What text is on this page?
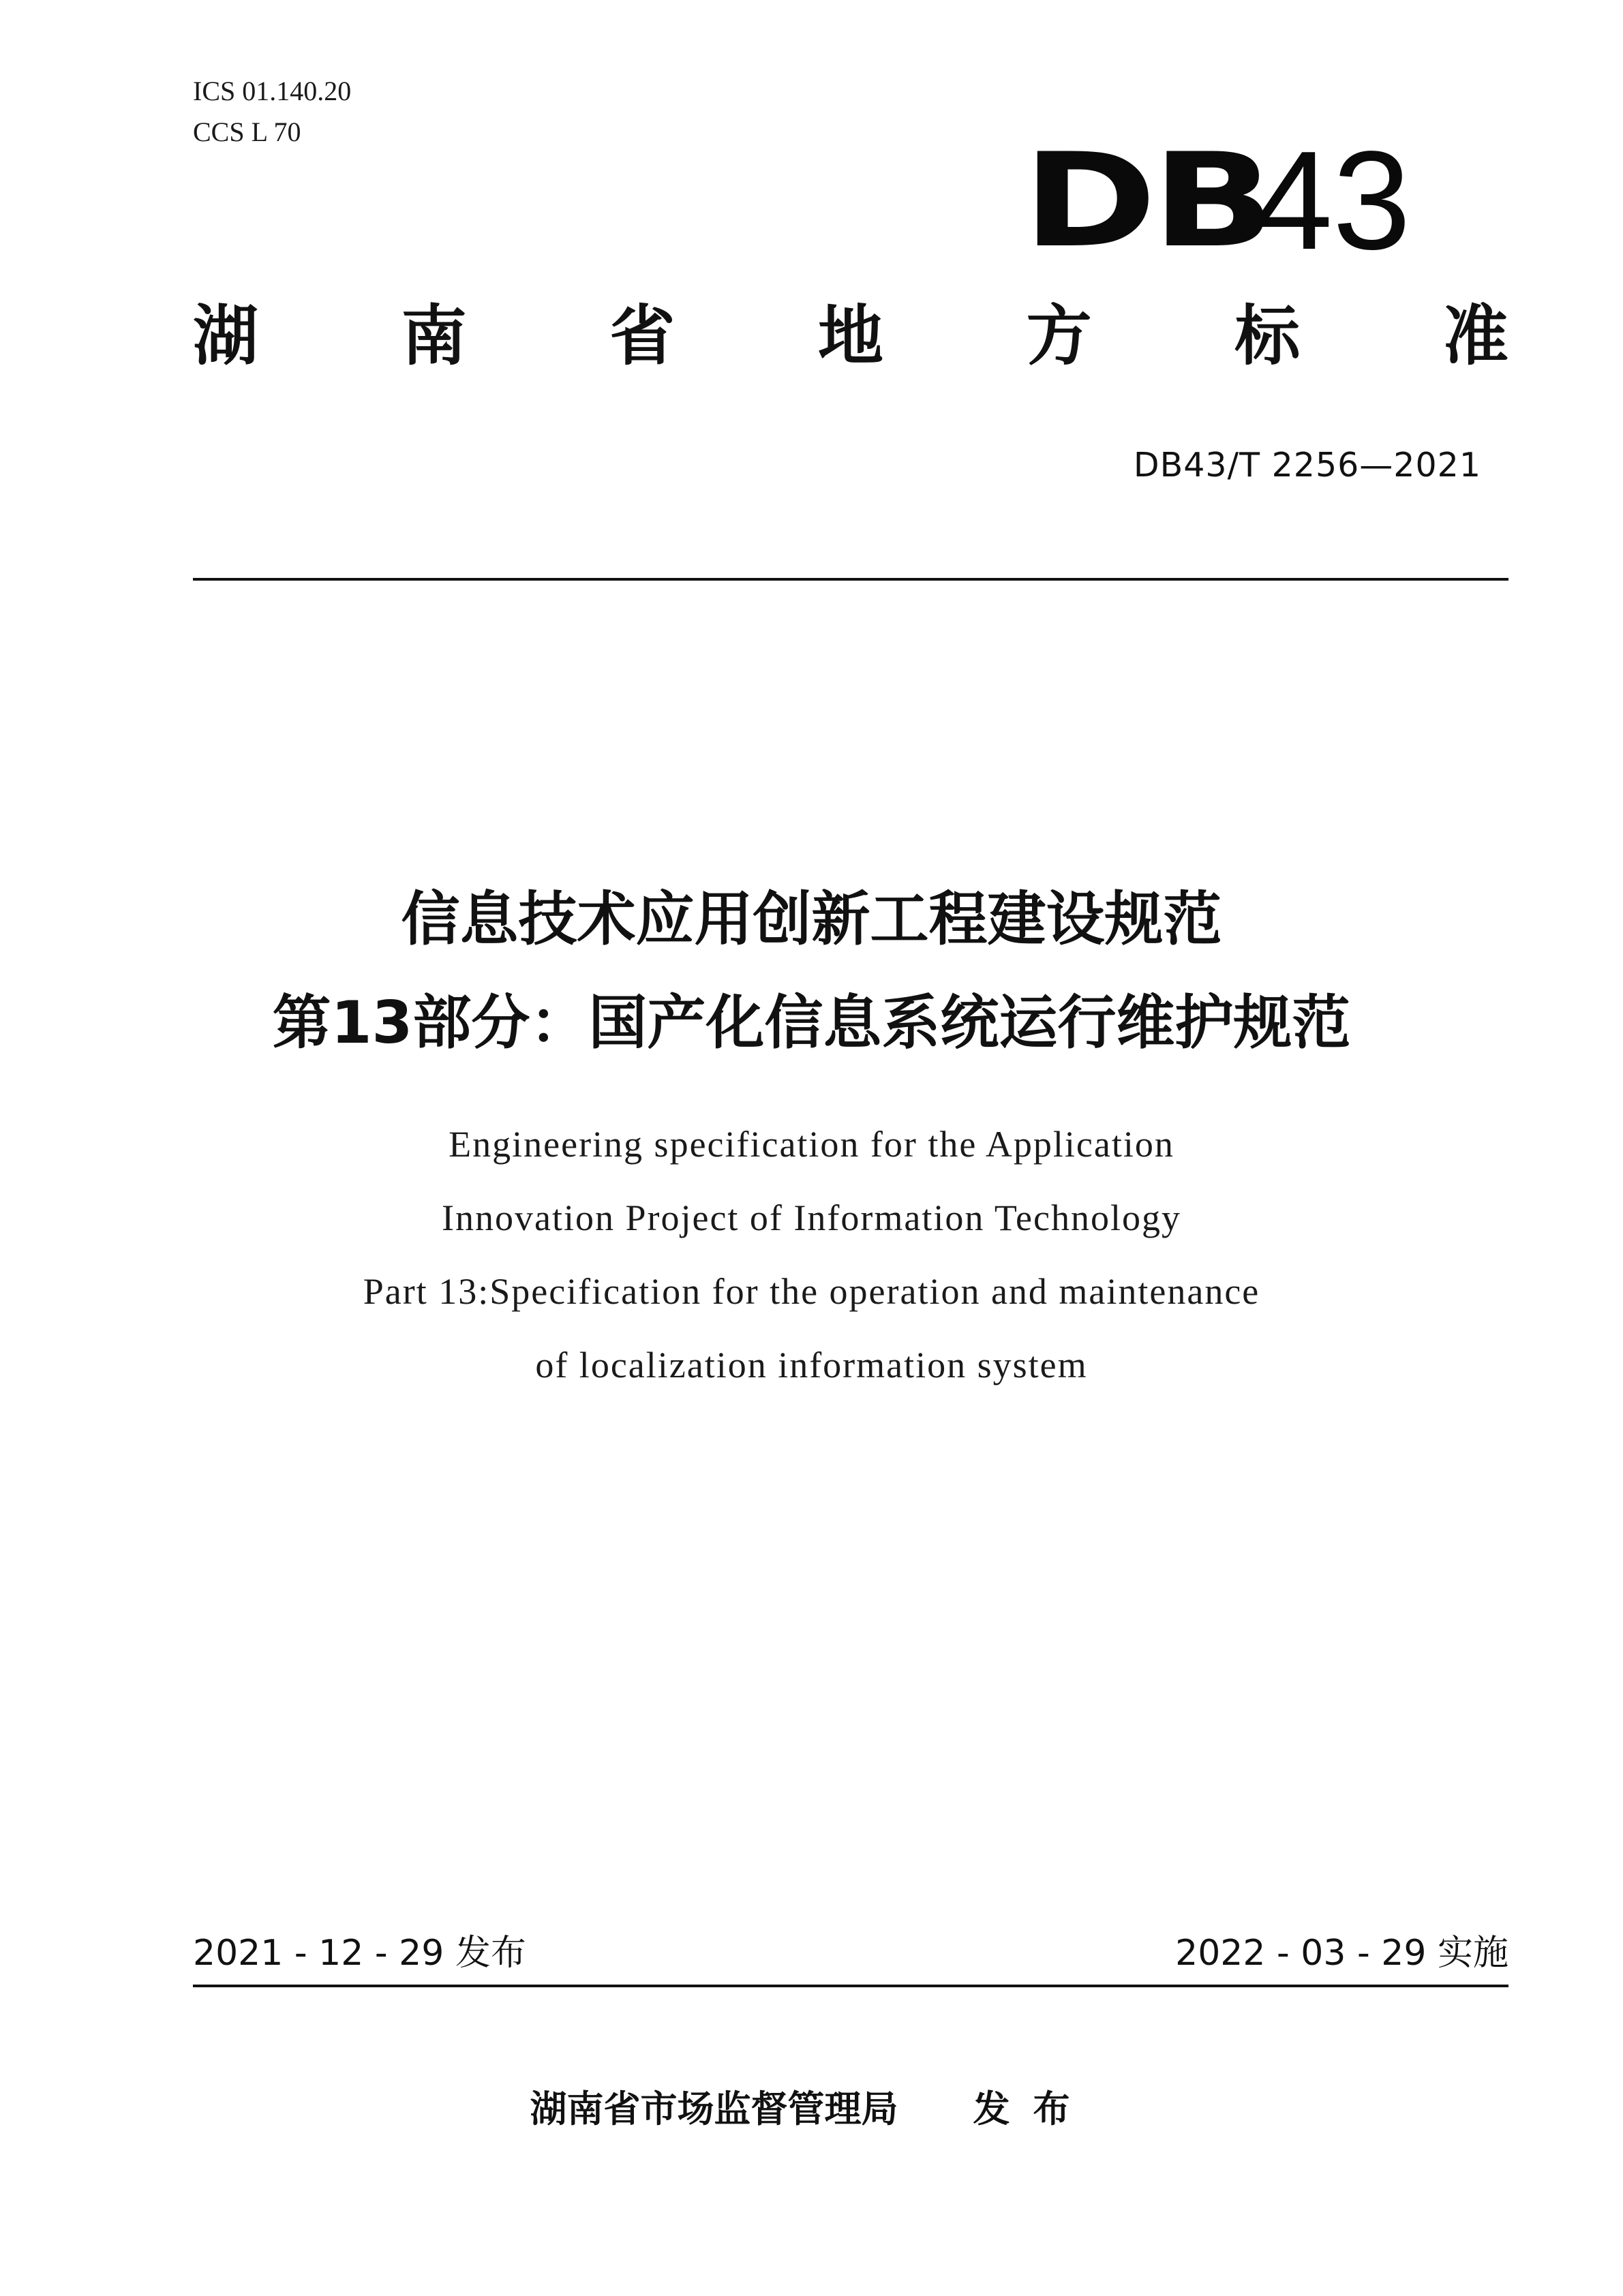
ICS 01.140.20
CCS L 70	DB
43
湖 南 省 地 方 标 准
DB43/T 2256—2021
信息技术应用创新工程建设规范
第13部分：国产化信息系统运行维护规范
Engineering specification for the Application
Innovation Project of Information Technology
Part 13:Specification for the operation and maintenance
of localization information system
2021 - 12 - 29 发布	2022 - 03 - 29 实施
湖南省市场监督管理局 发布
